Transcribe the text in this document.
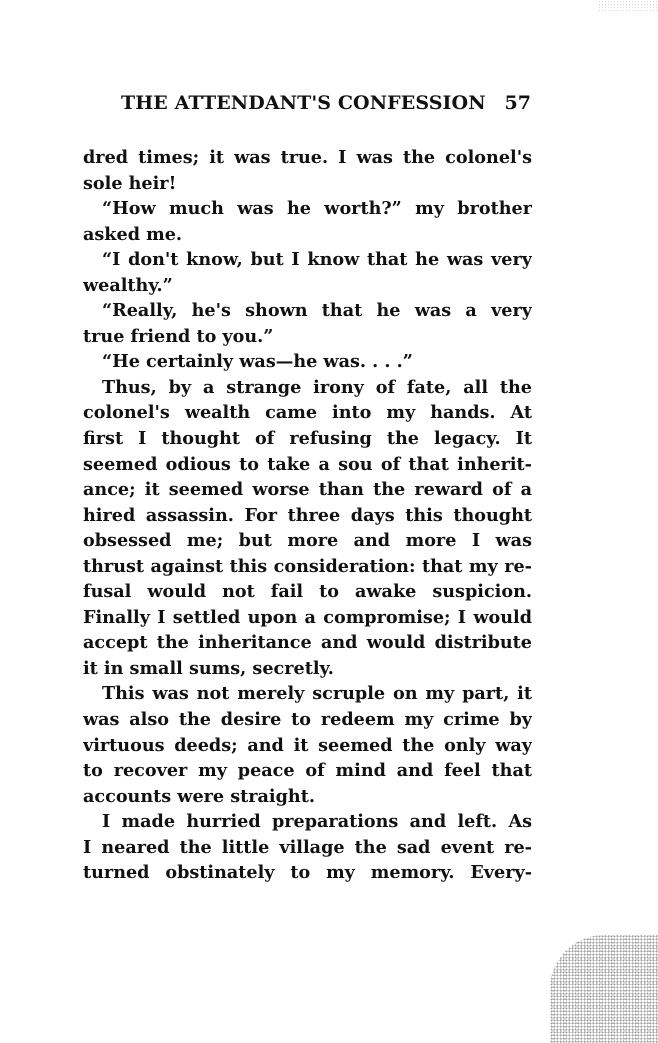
THE ATTENDANT'S CONFESSION 57
dred times; it was true. I was the colonel's
sole heir!
“How much was he worth?” my brother
asked me.
“I don't know, but I know that he was very
wealthy.”
“Really, he's shown that he was a very
true friend to you.”
“He certainly was—he was. . . .”
Thus, by a strange irony of fate, all the
colonel's wealth came into my hands. At
first I thought of refusing the legacy. It
seemed odious to take a sou of that inherit-
ance; it seemed worse than the reward of a
hired assassin. For three days this thought
obsessed me; but more and more I was
thrust against this consideration: that my re-
fusal would not fail to awake suspicion.
Finally I settled upon a compromise; I would
accept the inheritance and would distribute
it in small sums, secretly.
This was not merely scruple on my part, it
was also the desire to redeem my crime by
virtuous deeds; and it seemed the only way
to recover my peace of mind and feel that
accounts were straight.
I made hurried preparations and left. As
I neared the little village the sad event re-
turned obstinately to my memory. Every-
